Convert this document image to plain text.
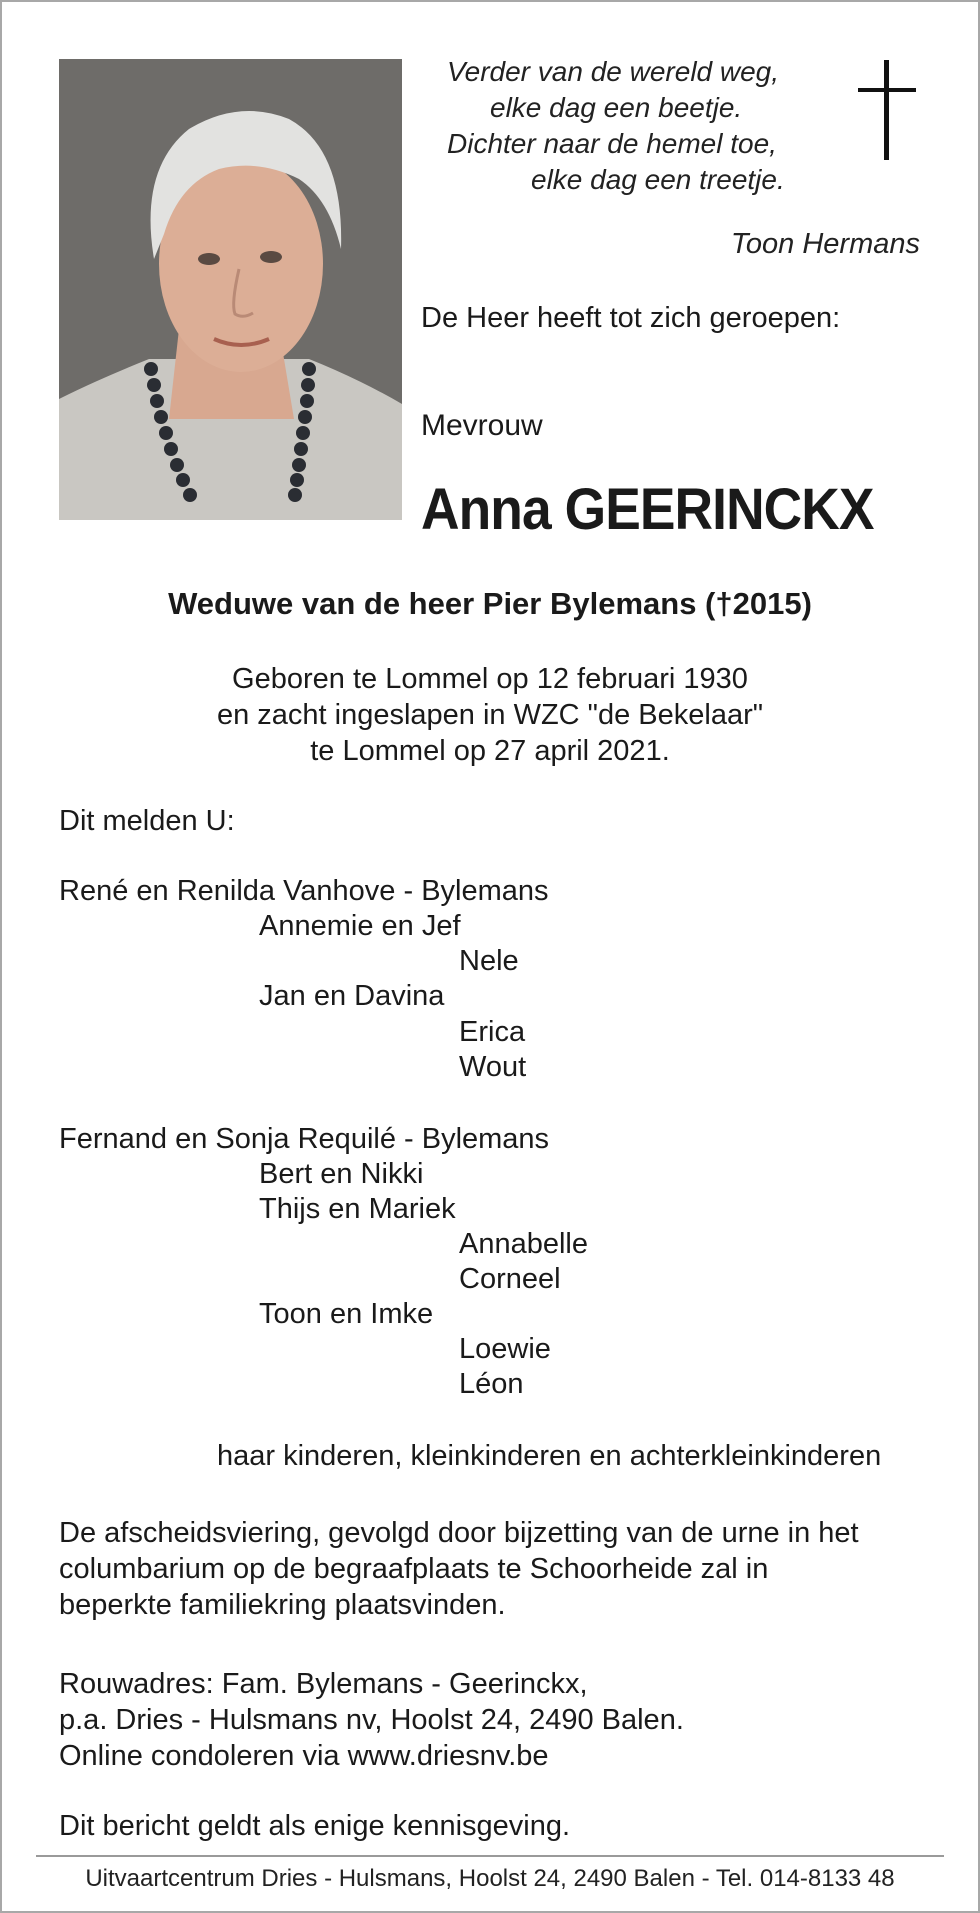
Verder van de wereld weg,
elke dag een beetje.
Dichter naar de hemel toe,
elke dag een treetje.
Toon Hermans
De Heer heeft tot zich geroepen:
Mevrouw
Anna GEERINCKX
Weduwe van de heer Pier Bylemans (†2015)
Geboren te Lommel op 12 februari 1930
en zacht ingeslapen in WZC "de Bekelaar"
te Lommel op 27 april 2021.
Dit melden U:
René en Renilda Vanhove - Bylemans
Annemie en Jef
Nele
Jan en Davina
Erica
Wout
Fernand en Sonja Requilé - Bylemans
Bert en Nikki
Thijs en Mariek
Annabelle
Corneel
Toon en Imke
Loewie
Léon
haar kinderen, kleinkinderen en achterkleinkinderen
De afscheidsviering, gevolgd door bijzetting van de urne in het
columbarium op de begraafplaats te Schoorheide zal in
beperkte familiekring plaatsvinden.
Rouwadres: Fam. Bylemans - Geerinckx,
p.a. Dries - Hulsmans nv, Hoolst 24, 2490 Balen.
Online condoleren via www.driesnv.be
Dit bericht geldt als enige kennisgeving.
Uitvaartcentrum Dries - Hulsmans, Hoolst 24, 2490 Balen - Tel. 014-8133 48
